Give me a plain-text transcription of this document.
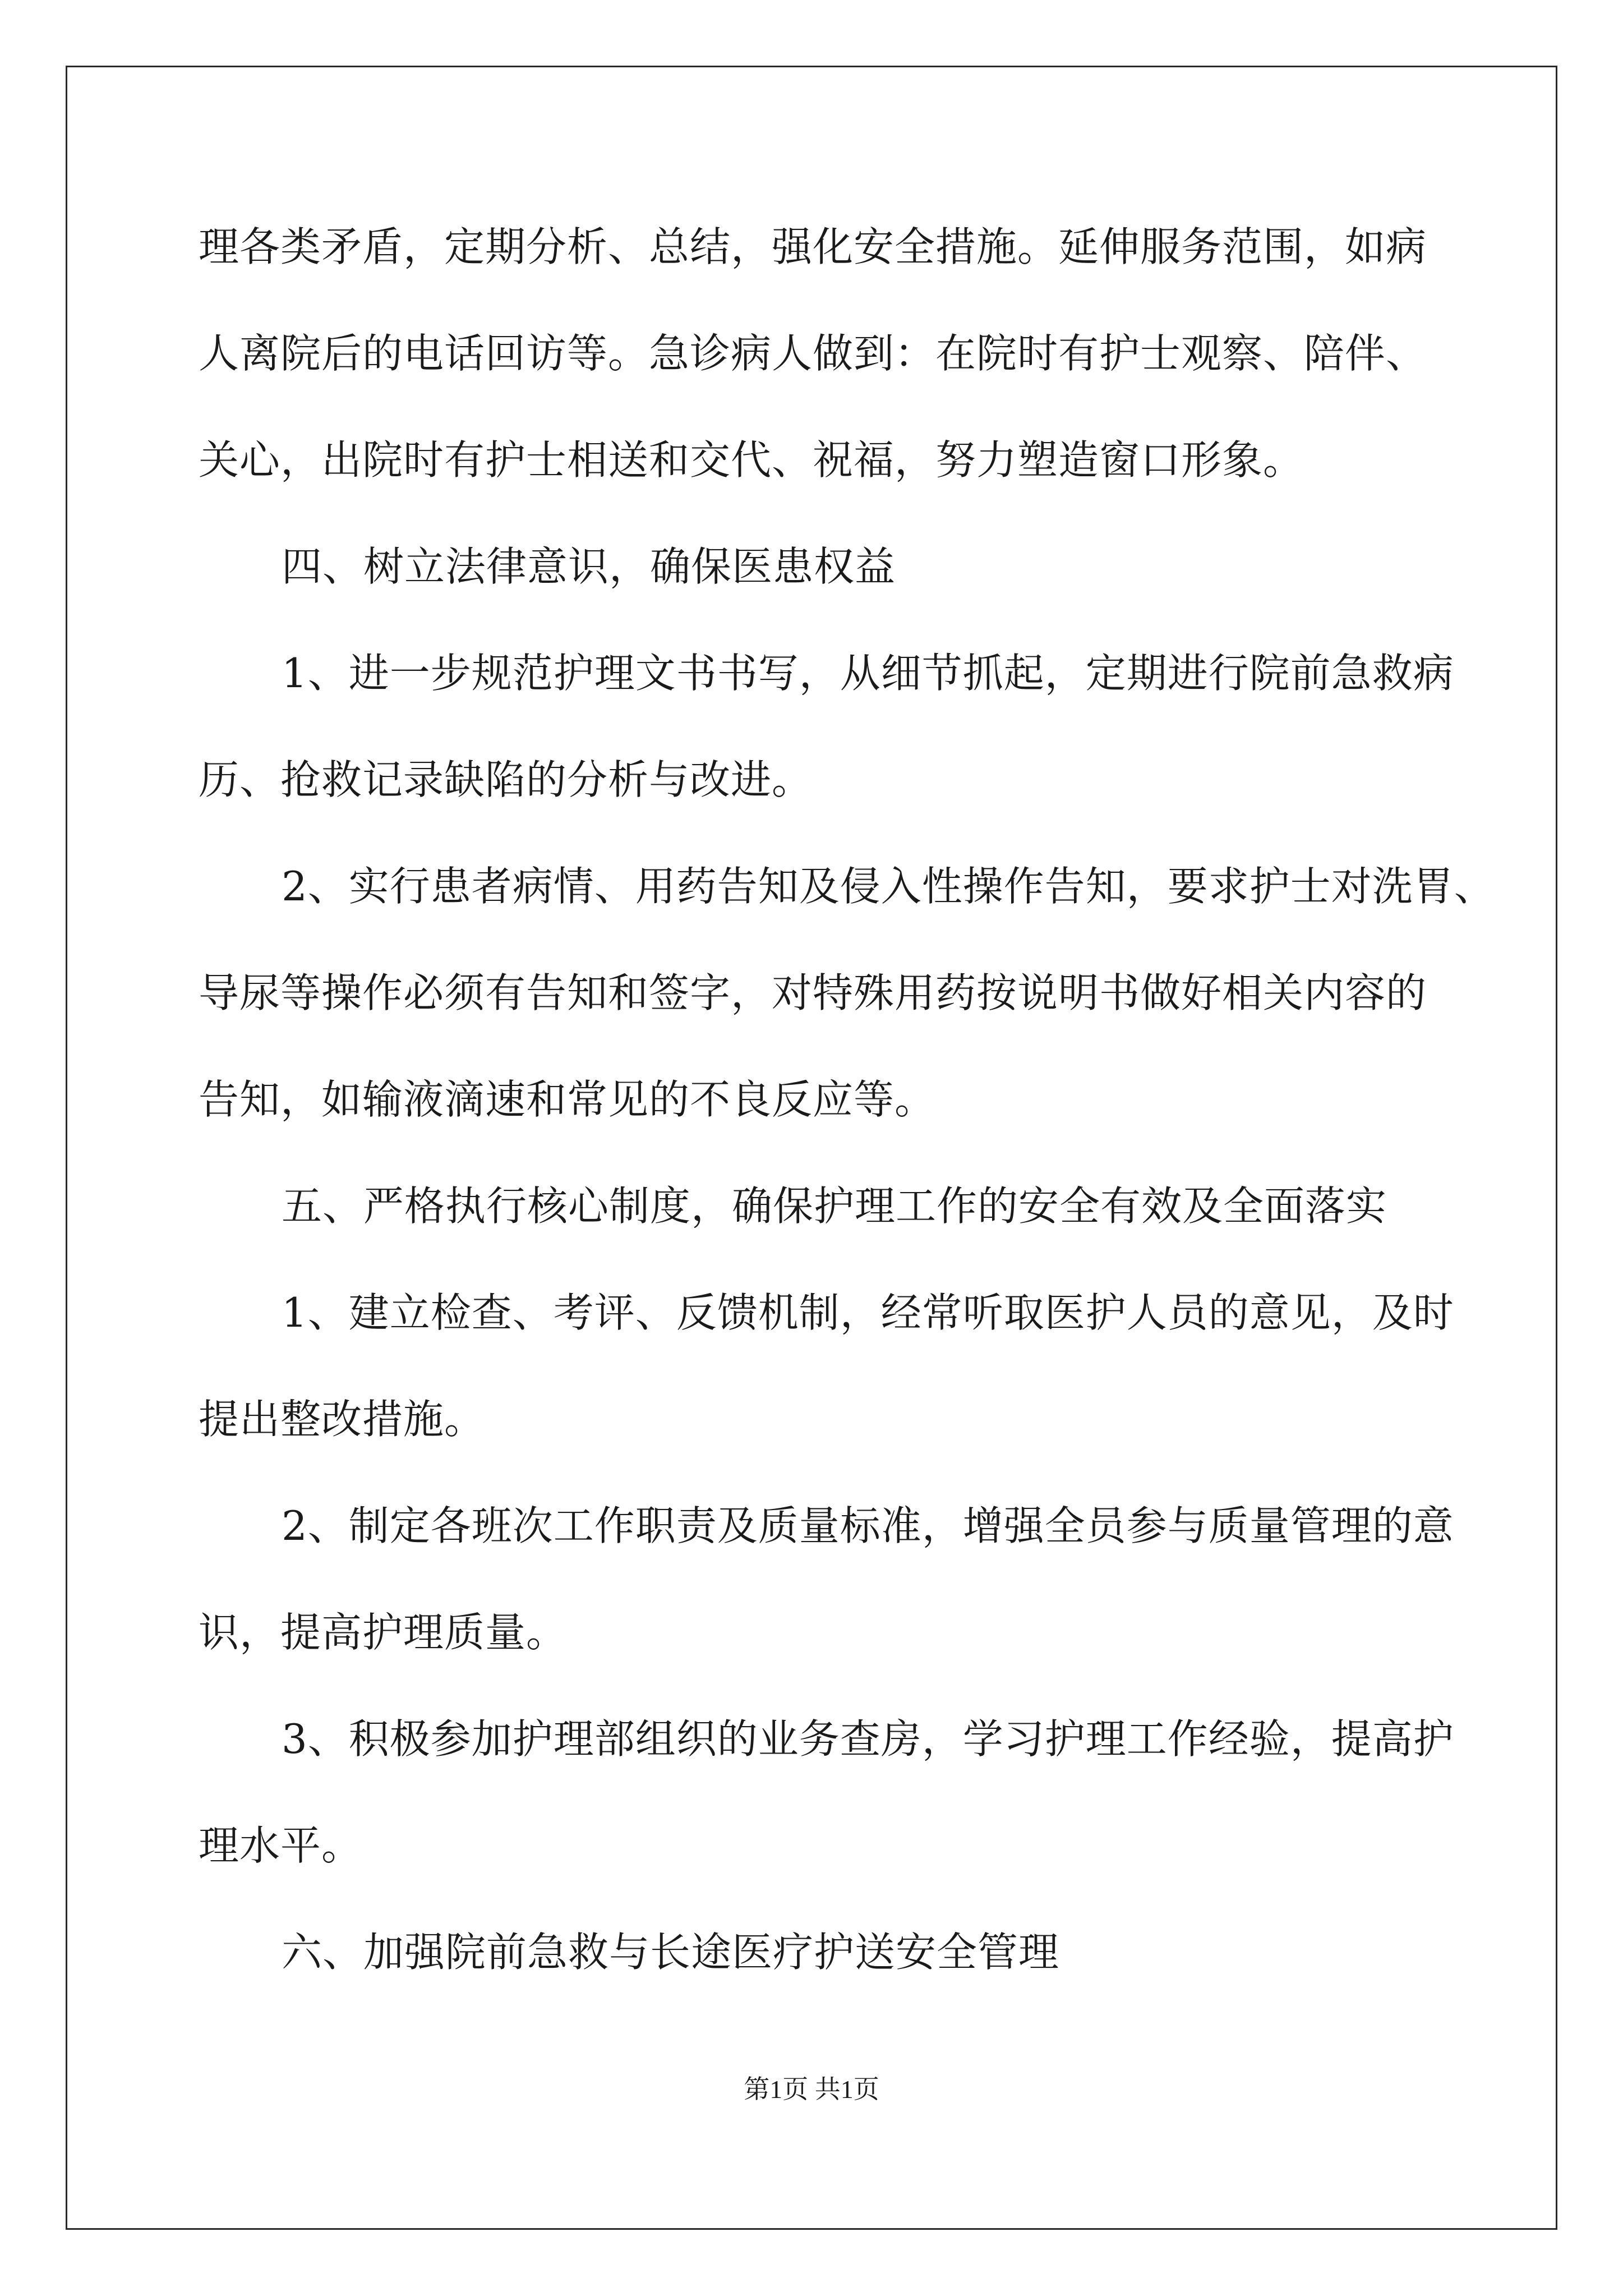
理各类矛盾，定期分析、总结，强化安全措施。延伸服务范围，如病
人离院后的电话回访等。急诊病人做到：在院时有护士观察、陪伴、
关心，出院时有护士相送和交代、祝福，努力塑造窗口形象。
四、树立法律意识，确保医患权益
1、进一步规范护理文书书写，从细节抓起，定期进行院前急救病
历、抢救记录缺陷的分析与改进。
2、实行患者病情、用药告知及侵入性操作告知，要求护士对洗胃、
导尿等操作必须有告知和签字，对特殊用药按说明书做好相关内容的
告知，如输液滴速和常见的不良反应等。
五、严格执行核心制度，确保护理工作的安全有效及全面落实
1、建立检查、考评、反馈机制，经常听取医护人员的意见，及时
提出整改措施。
2、制定各班次工作职责及质量标准，增强全员参与质量管理的意
识，提高护理质量。
3、积极参加护理部组织的业务查房，学习护理工作经验，提高护
理水平。
六、加强院前急救与长途医疗护送安全管理
第1页 共1页
